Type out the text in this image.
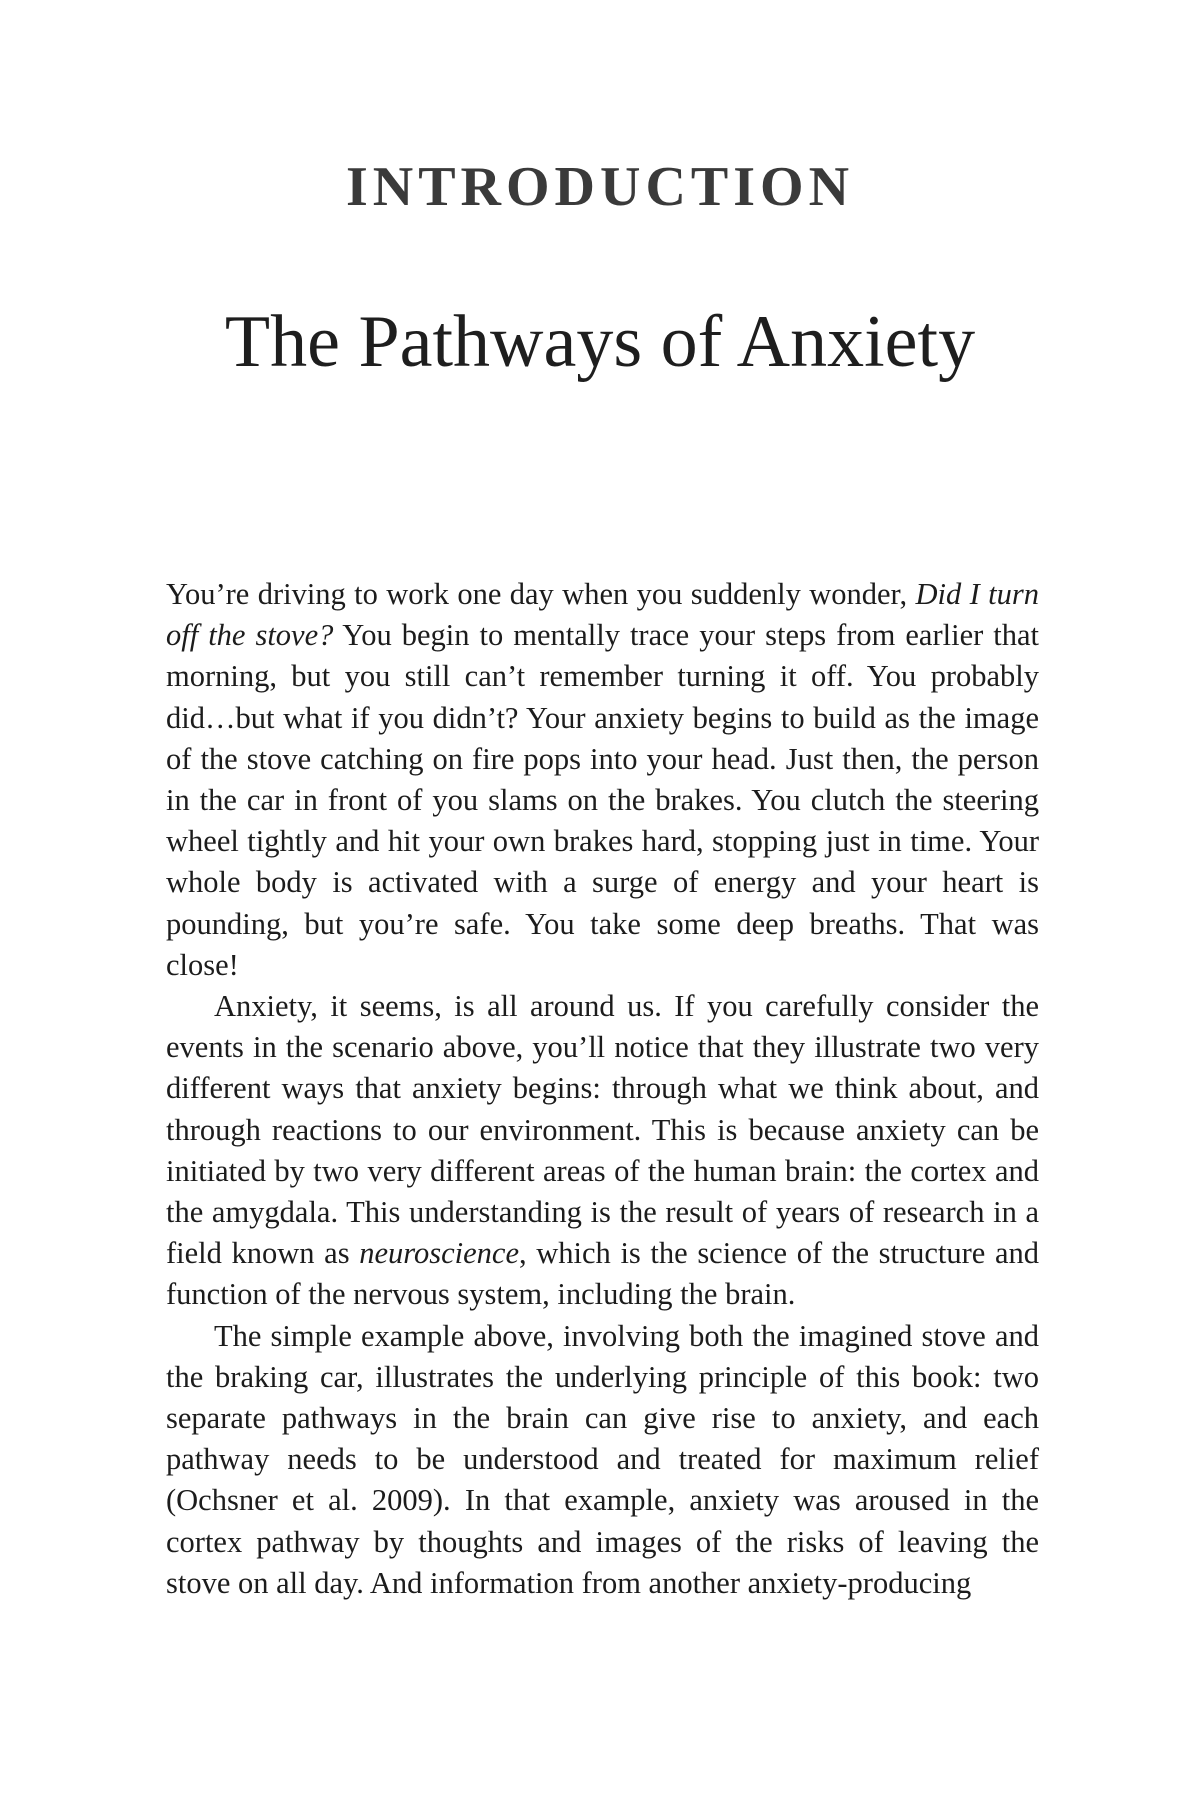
INTRODUCTION
The Pathways of Anxiety

You’re driving to work one day when you suddenly wonder, Did I turn off the stove? You begin to mentally trace your steps from earlier that morning, but you still can’t remember turning it off. You probably did…but what if you didn’t? Your anxiety begins to build as the image of the stove catching on fire pops into your head. Just then, the person in the car in front of you slams on the brakes. You clutch the steering wheel tightly and hit your own brakes hard, stopping just in time. Your whole body is activated with a surge of energy and your heart is pounding, but you’re safe. You take some deep breaths. That was close!

Anxiety, it seems, is all around us. If you carefully consider the events in the scenario above, you’ll notice that they illustrate two very different ways that anxiety begins: through what we think about, and through reactions to our environment. This is because anxiety can be initiated by two very different areas of the human brain: the cortex and the amygdala. This understanding is the result of years of research in a field known as neuroscience, which is the science of the structure and function of the nervous system, including the brain.

The simple example above, involving both the imagined stove and the braking car, illustrates the underlying principle of this book: two separate pathways in the brain can give rise to anxiety, and each pathway needs to be understood and treated for maximum relief (Ochsner et al. 2009). In that example, anxiety was aroused in the cortex pathway by thoughts and images of the risks of leaving the stove on all day. And information from another anxiety-producing
